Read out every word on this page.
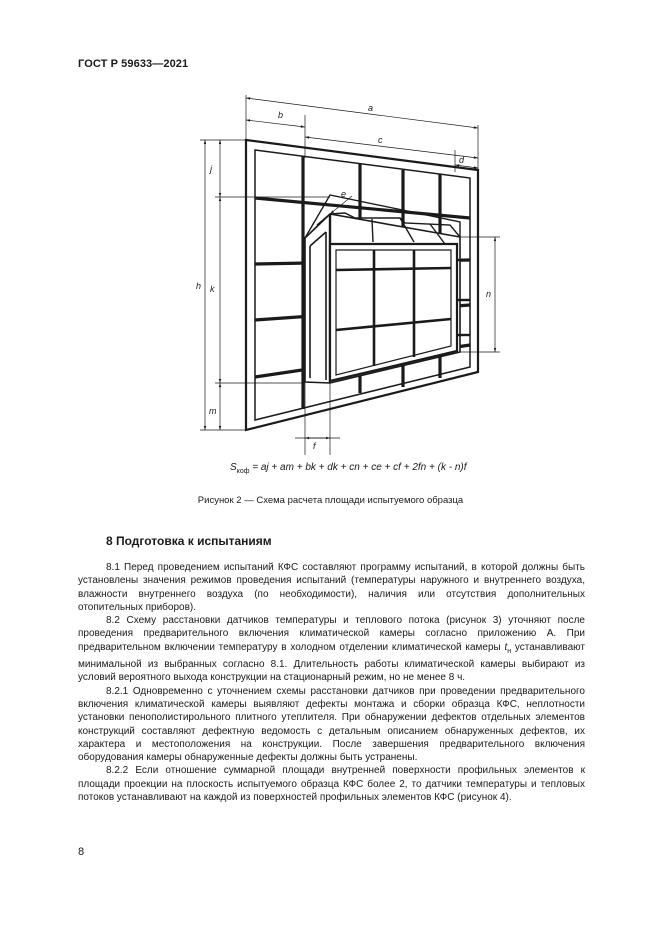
ГОСТ Р 59633—2021
a
b
c
d
e
f
h
j
k
m
n
$S_{коф}$ = aj + am + bk + dk + cn + ce + cf + 2fn + (k - n)f
Рисунок 2 — Схема расчета площади испытуемого образца
8 Подготовка к испытаниям

8.1 Перед проведением испытаний КФС составляют программу испытаний, в которой должны быть установлены значения режимов проведения испытаний (температуры наружного и внутреннего воздуха, влажности внутреннего воздуха (по необходимости), наличия или отсутствия дополнительных отопительных приборов).

8.2 Схему расстановки датчиков температуры и теплового потока (рисунок 3) уточняют после проведения предварительного включения климатической камеры согласно приложению А. При предварительном включении температуру в холодном отделении климатической камеры $t_н$ устанавливают минимальной из выбранных согласно 8.1. Длительность работы климатической камеры выбирают из условий вероятного выхода конструкции на стационарный режим, но не менее 8 ч.

8.2.1 Одновременно с уточнением схемы расстановки датчиков при проведении предварительного включения климатической камеры выявляют дефекты монтажа и сборки образца КФС, неплотности установки пенополистирольного плитного утеплителя. При обнаружении дефектов отдельных элементов конструкций составляют дефектную ведомость с детальным описанием обнаруженных дефектов, их характера и местоположения на конструкции. После завершения предварительного включения оборудования камеры обнаруженные дефекты должны быть устранены.

8.2.2 Если отношение суммарной площади внутренней поверхности профильных элементов к площади проекции на плоскость испытуемого образца КФС более 2, то датчики температуры и тепловых потоков устанавливают на каждой из поверхностей профильных элементов КФС (рисунок 4).

8
